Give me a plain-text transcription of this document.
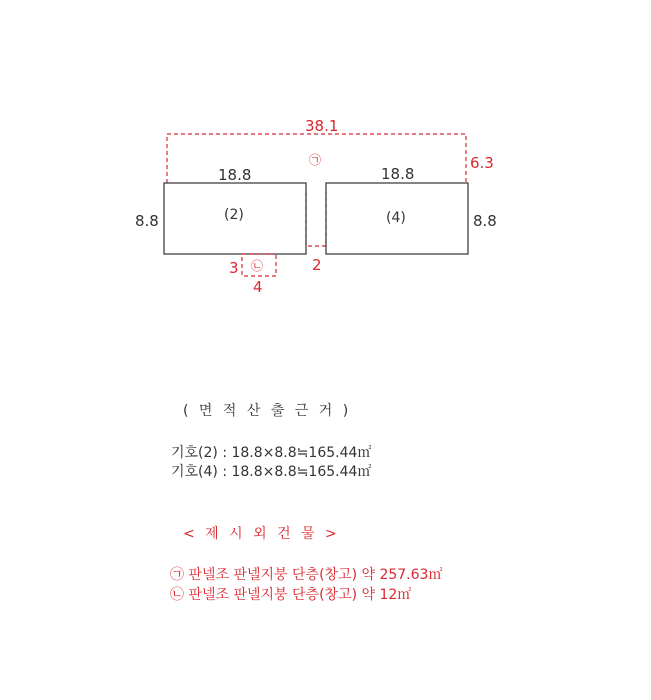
38.1
6.3
㉠
18.8	18.8
8.8	8.8
(2)	(4)
3 ㉡	2
4
( 면 적 산 출 근 거 )
기호(2) : 18.8×8.8≒165.44㎡
기호(4) : 18.8×8.8≒165.44㎡
< 제 시 외 건 물 >
㉠ 판넬조 판넬지붕 단층(창고) 약 257.63㎡
㉡ 판넬조 판넬지붕 단층(창고) 약 12㎡
